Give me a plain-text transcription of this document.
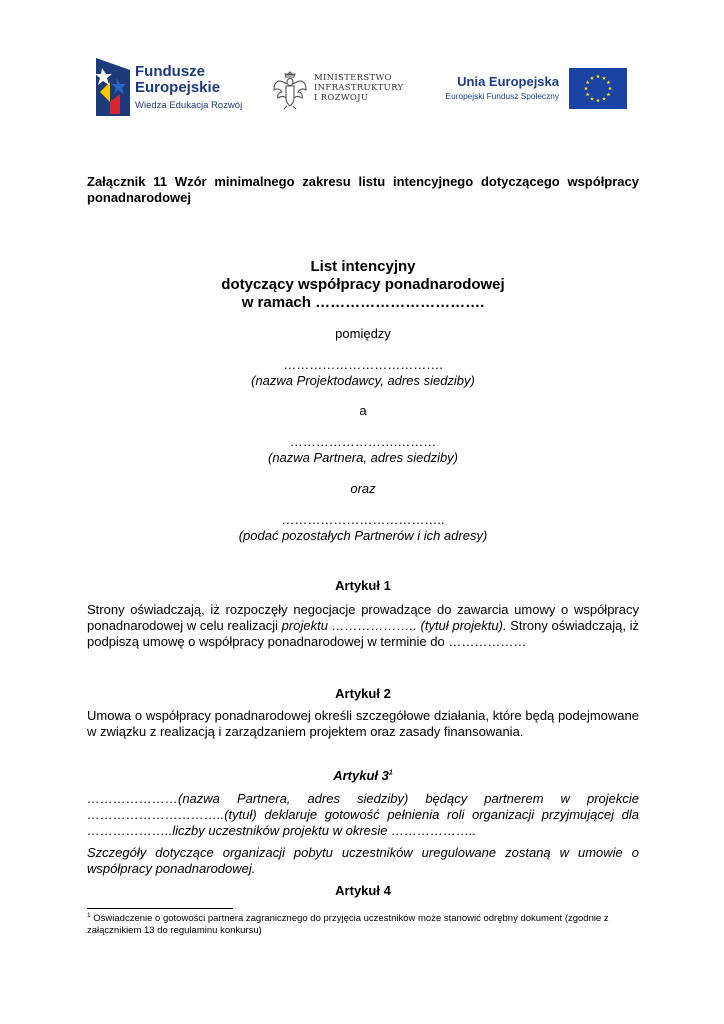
Fundusze
Europejskie
Wiedza Edukacja Rozwój
MINISTERSTWO
INFRASTRUKTURY
I ROZWOJU
Unia Europejska
Europejski Fundusz Społeczny
Załącznik 11 Wzór minimalnego zakresu listu intencyjnego dotyczącego współpracy ponadnarodowej
List intencyjny
dotyczący współpracy ponadnarodowej
w ramach …………………………….
pomiędzy
……………………………….
(nazwa Projektodawcy, adres siedziby)
a
…………………….………
(nazwa Partnera, adres siedziby)
oraz
………………………………..
(podać pozostałych Partnerów i ich adresy)
Artykuł 1
Strony oświadczają, iż rozpoczęły negocjacje prowadzące do zawarcia umowy o współpracy ponadnarodowej w celu realizacji projektu ……………….. (tytuł projektu). Strony oświadczają, iż podpiszą umowę o współpracy ponadnarodowej w terminie do ………………
Artykuł 2
Umowa o współpracy ponadnarodowej określi szczegółowe działania, które będą podejmowane w związku z realizacją i zarządzaniem projektem oraz zasady finansowania.
Artykuł $3^1$
…………………(nazwa Partnera, adres siedziby) będący partnerem w projekcie …………………………..(tytuł) deklaruje gotowość pełnienia roli organizacji przyjmującej dla ………………..liczby uczestników projektu w okresie ………………..
Szczegóły dotyczące organizacji pobytu uczestników uregulowane zostaną w umowie o współpracy ponadnarodowej.
Artykuł 4
$^1$ Oświadczenie o gotowości partnera zagranicznego do przyjęcia uczestników może stanowić odrębny dokument (zgodnie z załącznikiem 13 do regulaminu konkursu)
